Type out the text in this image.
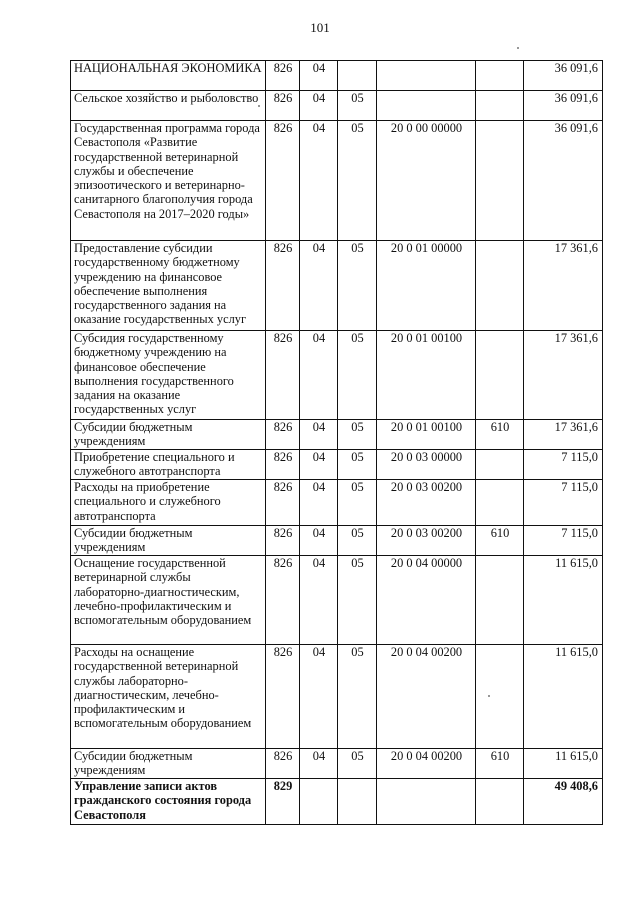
101
НАЦИОНАЛЬНАЯ ЭКОНОМИКА	826	04				36 091,6
Сельское хозяйство и рыболовство	826	04	05			36 091,6
Государственная программа города Севастополя «Развитие государственной ветеринарной службы и обеспечение эпизоотического и ветеринарно-санитарного благополучия города Севастополя на 2017–2020 годы»	826	04	05	20 0 00 00000		36 091,6
Предоставление субсидии государственному бюджетному учреждению на финансовое обеспечение выполнения государственного задания на оказание государственных услуг	826	04	05	20 0 01 00000		17 361,6
Субсидия государственному бюджетному учреждению на финансовое обеспечение выполнения государственного задания на оказание государственных услуг	826	04	05	20 0 01 00100		17 361,6
Субсидии бюджетным учреждениям	826	04	05	20 0 01 00100	610	17 361,6
Приобретение специального и служебного автотранспорта	826	04	05	20 0 03 00000		7 115,0
Расходы на приобретение специального и служебного автотранспорта	826	04	05	20 0 03 00200		7 115,0
Субсидии бюджетным учреждениям	826	04	05	20 0 03 00200	610	7 115,0
Оснащение государственной ветеринарной службы лабораторно-диагностическим, лечебно-профилактическим и вспомогательным оборудованием	826	04	05	20 0 04 00000		11 615,0
Расходы на оснащение государственной ветеринарной службы лабораторно-диагностическим, лечебно-профилактическим и вспомогательным оборудованием	826	04	05	20 0 04 00200		11 615,0
Субсидии бюджетным учреждениям	826	04	05	20 0 04 00200	610	11 615,0
Управление записи актов гражданского состояния города Севастополя	829					49 408,6
